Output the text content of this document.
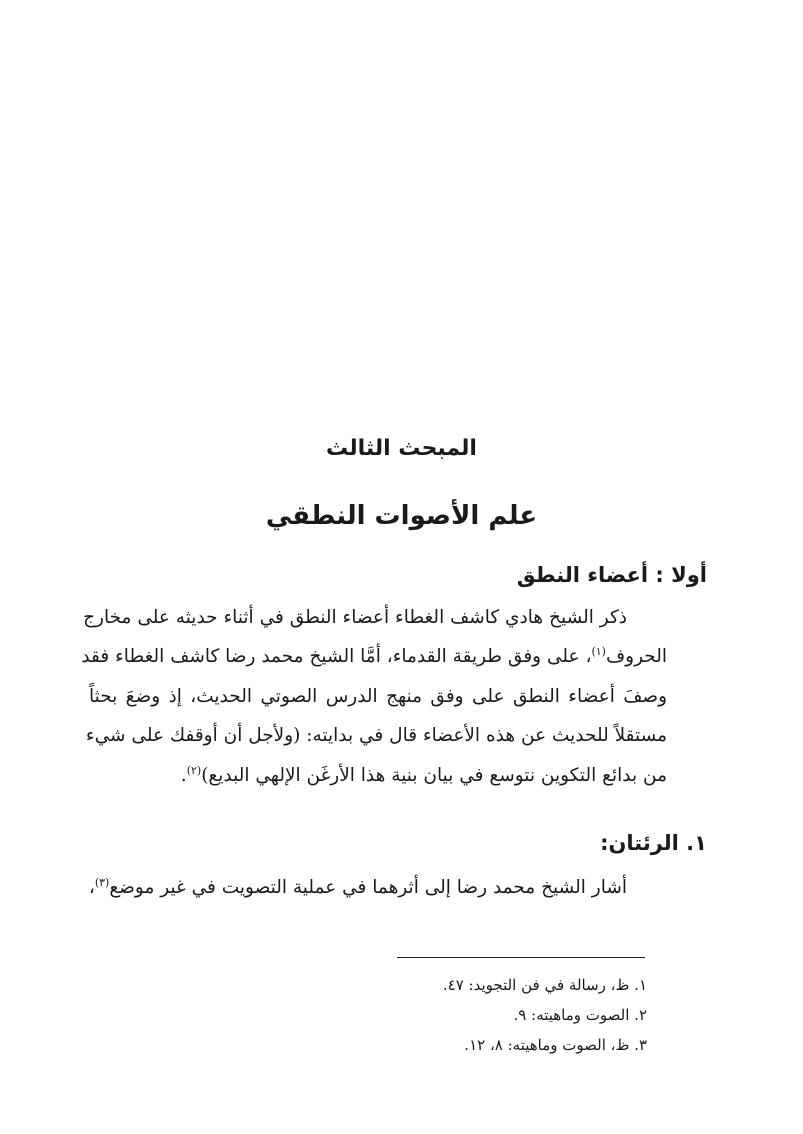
المبحث الثالث
علم الأصوات النطقي
أولا : أعضاء النطق
ذكر الشيخ هادي كاشف الغطاء أعضاء النطق في أثناء حديثه على مخارج
الحروف$^{(١)}$، على وفق طريقة القدماء، أمَّا الشيخ محمد رضا كاشف الغطاء فقد
وصفَ أعضاء النطق على وفق منهج الدرس الصوتي الحديث، إذ وضعَ بحثاً
مستقلاً للحديث عن هذه الأعضاء قال في بدايته: (ولأجل أن أوقفك على شيء
من بدائع التكوين نتوسع في بيان بنية هذا الأرغَن الإلهي البديع)$^{(٢)}$.
١. الرئتان:
أشار الشيخ محمد رضا إلى أثرهما في عملية التصويت في غير موضع$^{(٣)}$،
١. ظ، رسالة في فن التجويد: ٤٧.
٢. الصوت وماهيته: ٩.
٣. ظ، الصوت وماهيته: ٨، ١٢.
